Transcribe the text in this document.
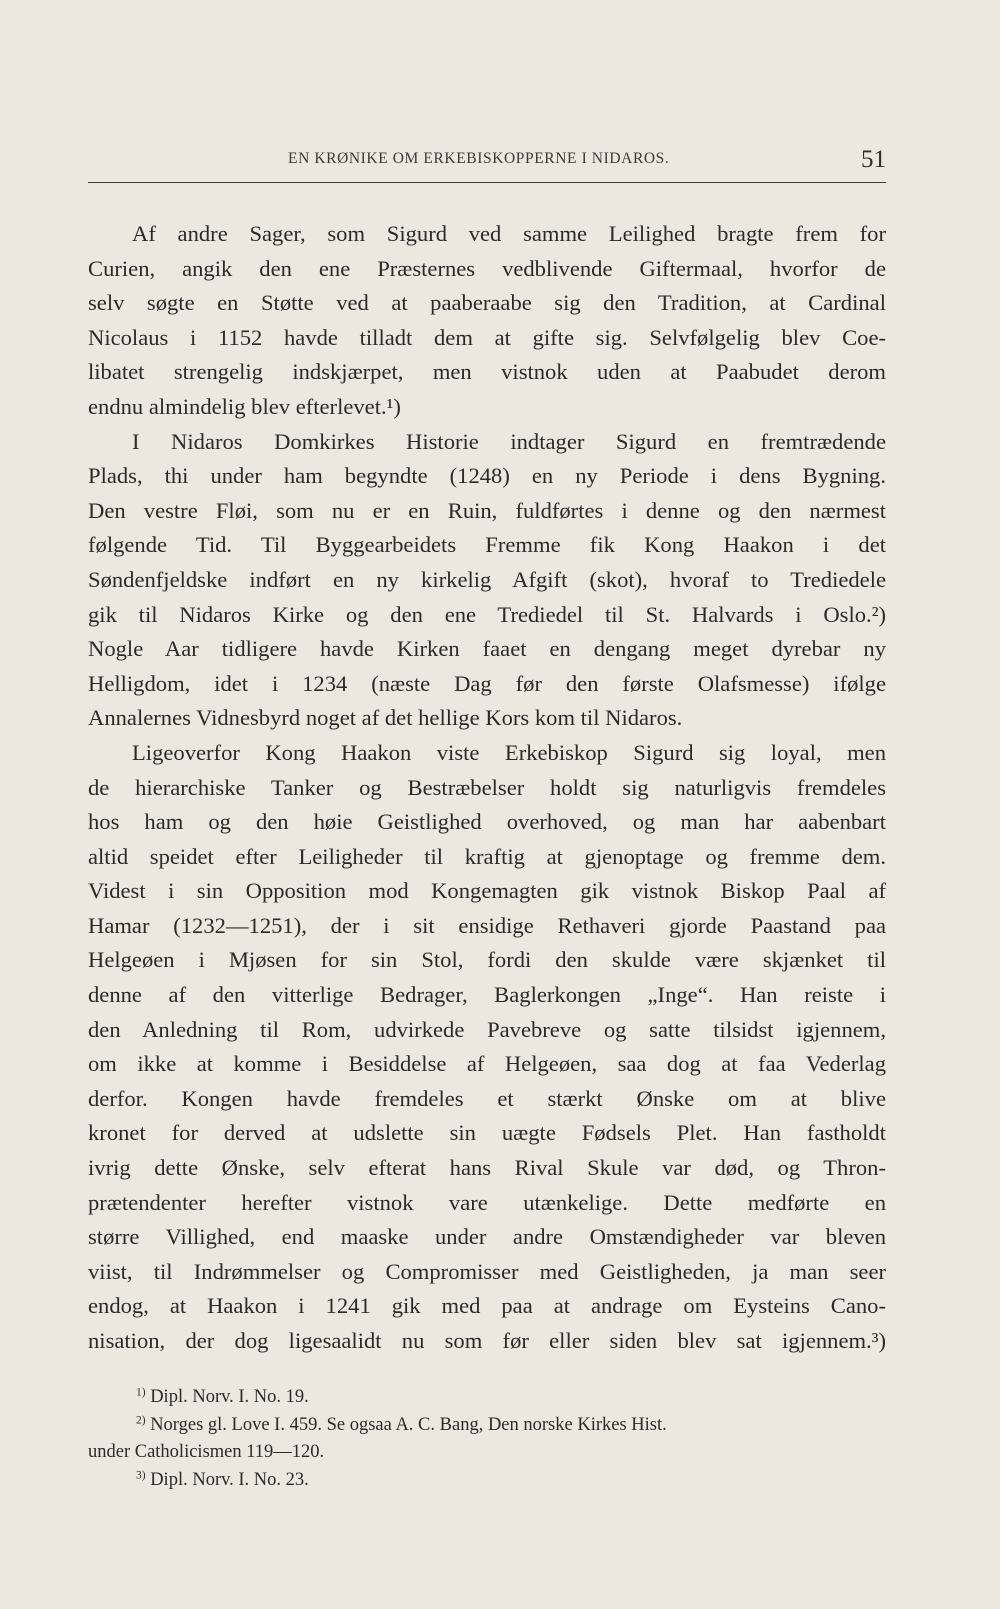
EN KRØNIKE OM ERKEBISKOPPERNE I NIDAROS.	51
Af andre Sager, som Sigurd ved samme Leilighed bragte frem for
Curien, angik den ene Præsternes vedblivende Giftermaal, hvorfor de
selv søgte en Støtte ved at paaberaabe sig den Tradition, at Cardinal
Nicolaus i 1152 havde tilladt dem at gifte sig. Selvfølgelig blev Coe-
libatet strengelig indskjærpet, men vistnok uden at Paabudet derom
endnu almindelig blev efterlevet.¹)
I Nidaros Domkirkes Historie indtager Sigurd en fremtrædende
Plads, thi under ham begyndte (1248) en ny Periode i dens Bygning.
Den vestre Fløi, som nu er en Ruin, fuldførtes i denne og den nærmest
følgende Tid. Til Byggearbeidets Fremme fik Kong Haakon i det
Søndenfjeldske indført en ny kirkelig Afgift (skot), hvoraf to Trediedele
gik til Nidaros Kirke og den ene Trediedel til St. Halvards i Oslo.²)
Nogle Aar tidligere havde Kirken faaet en dengang meget dyrebar ny
Helligdom, idet i 1234 (næste Dag før den første Olafsmesse) ifølge
Annalernes Vidnesbyrd noget af det hellige Kors kom til Nidaros.
Ligeoverfor Kong Haakon viste Erkebiskop Sigurd sig loyal, men
de hierarchiske Tanker og Bestræbelser holdt sig naturligvis fremdeles
hos ham og den høie Geistlighed overhoved, og man har aabenbart
altid speidet efter Leiligheder til kraftig at gjenoptage og fremme dem.
Videst i sin Opposition mod Kongemagten gik vistnok Biskop Paal af
Hamar (1232—1251), der i sit ensidige Rethaveri gjorde Paastand paa
Helgeøen i Mjøsen for sin Stol, fordi den skulde være skjænket til
denne af den vitterlige Bedrager, Baglerkongen „Inge“. Han reiste i
den Anledning til Rom, udvirkede Pavebreve og satte tilsidst igjennem,
om ikke at komme i Besiddelse af Helgeøen, saa dog at faa Vederlag
derfor. Kongen havde fremdeles et stærkt Ønske om at blive
kronet for derved at udslette sin uægte Fødsels Plet. Han fastholdt
ivrig dette Ønske, selv efterat hans Rival Skule var død, og Thron-
prætendenter herefter vistnok vare utænkelige. Dette medførte en
større Villighed, end maaske under andre Omstændigheder var bleven
viist, til Indrømmelser og Compromisser med Geistligheden, ja man seer
endog, at Haakon i 1241 gik med paa at andrage om Eysteins Cano-
nisation, der dog ligesaalidt nu som før eller siden blev sat igjennem.³)
$^{1)}$ Dipl. Norv. I. No. 19.
$^{2)}$ Norges gl. Love I. 459. Se ogsaa A. C. Bang, Den norske Kirkes Hist.
under Catholicismen 119—120.
$^{3)}$ Dipl. Norv. I. No. 23.
